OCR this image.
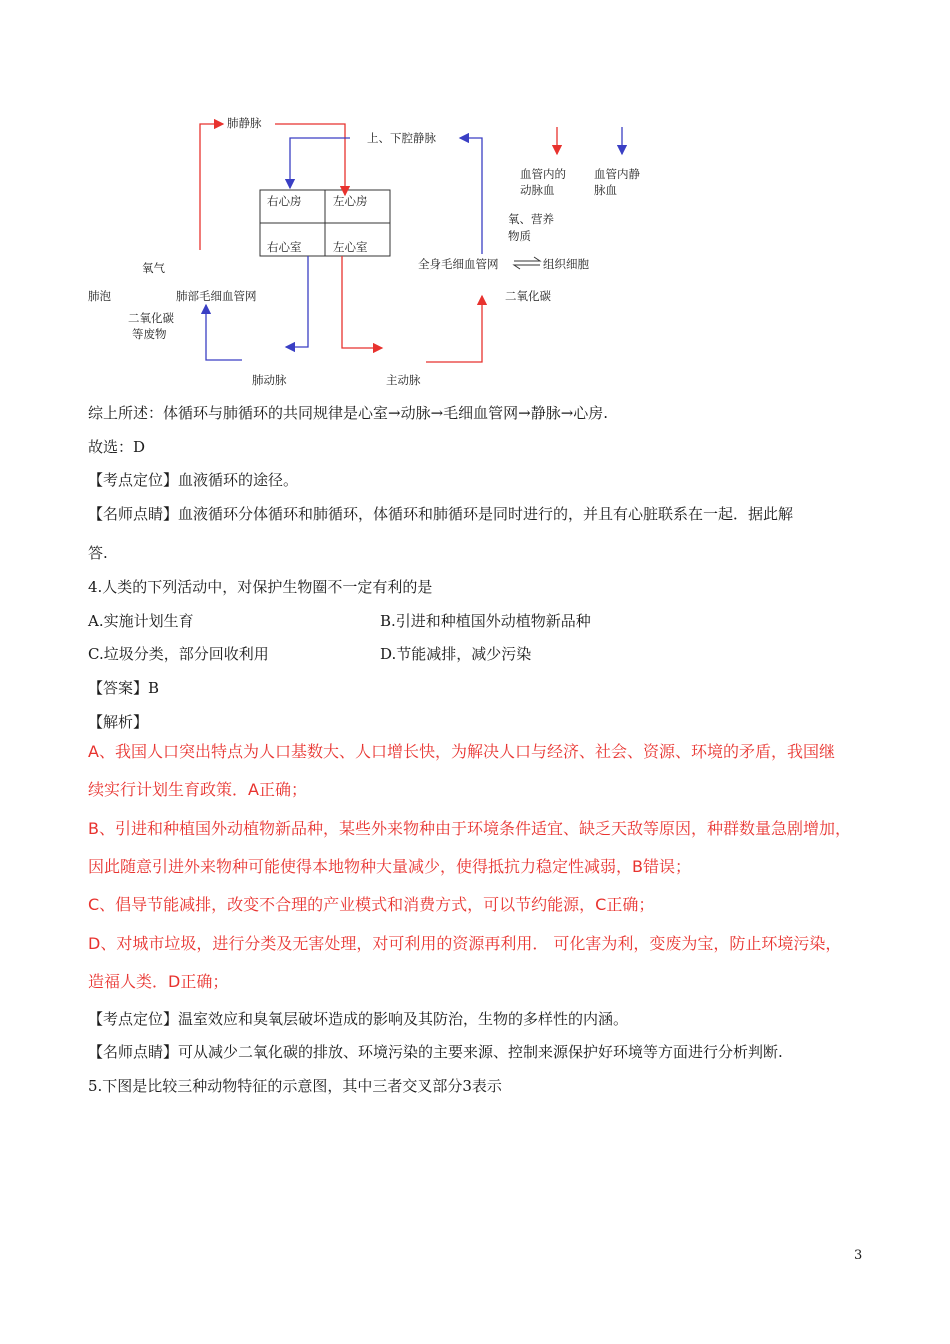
肺静脉
上、下腔静脉
血管内的
动脉血
血管内静
脉血
右心房	左心房
右心室	左心室
氧、营养
物质
氧气	全身毛细血管网	组织细胞
肺泡	肺部毛细血管网	二氧化碳
二氧化碳
等废物
肺动脉	主动脉
综上所述：体循环与肺循环的共同规律是心室→动脉→毛细血管网→静脉→心房.
故选：D
【考点定位】血液循环的途径。
【名师点睛】血液循环分体循环和肺循环，体循环和肺循环是同时进行的，并且有心脏联系在一起．据此解
答.
4.人类的下列活动中，对保护生物圈不一定有利的是
A.实施计划生育	B.引进和种植国外动植物新品种
C.垃圾分类，部分回收利用	D.节能减排，减少污染
【答案】B
【解析】
A、我国人口突出特点为人口基数大、人口增长快，为解决人口与经济、社会、资源、环境的矛盾，我国继
续实行计划生育政策．A正确；
B、引进和种植国外动植物新品种，某些外来物种由于环境条件适宜、缺乏天敌等原因，种群数量急剧增加，
因此随意引进外来物种可能使得本地物种大量减少，使得抵抗力稳定性减弱，B错误；
C、倡导节能减排，改变不合理的产业模式和消费方式，可以节约能源，C正确；
D、对城市垃圾，进行分类及无害处理，对可利用的资源再利用． 可化害为利，变废为宝，防止环境污染，
造福人类．D正确；
【考点定位】温室效应和臭氧层破坏造成的影响及其防治，生物的多样性的内涵。
【名师点睛】可从减少二氧化碳的排放、环境污染的主要来源、控制来源保护好环境等方面进行分析判断.
5.下图是比较三种动物特征的示意图，其中三者交叉部分3表示
3
